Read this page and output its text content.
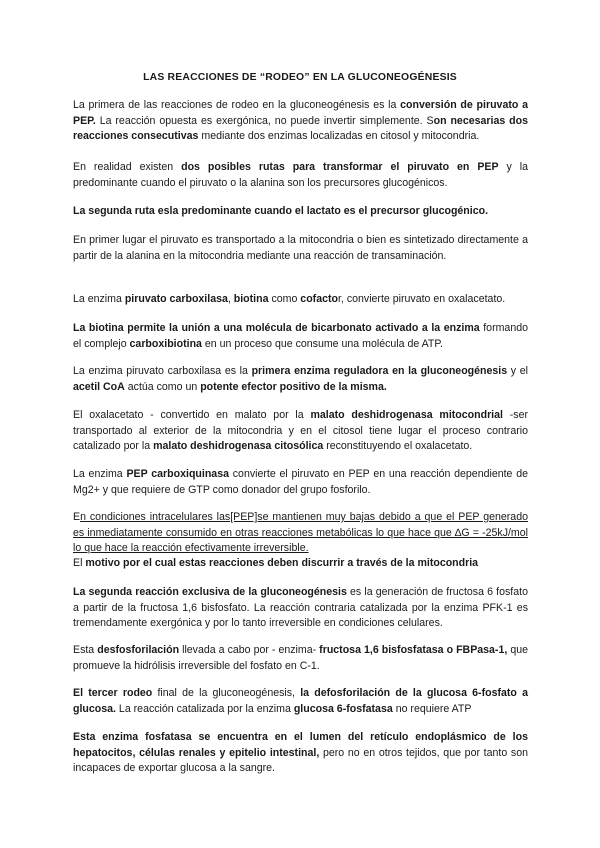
LAS REACCIONES DE “RODEO” EN LA GLUCONEOGÉNESIS

La primera de las reacciones de rodeo en la gluconeogénesis es la conversión de piruvato a PEP. La reacción opuesta es exergónica, no puede invertir simplemente. Son necesarias dos reacciones consecutivas mediante dos enzimas localizadas en citosol y mitocondria.

En realidad existen dos posibles rutas para transformar el piruvato en PEP y la predominante cuando el piruvato o la alanina son los precursores glucogénicos.

La segunda ruta esla predominante cuando el lactato es el precursor glucogénico.

En primer lugar el piruvato es transportado a la mitocondria o bien es sintetizado directamente a partir de la alanina en la mitocondria mediante una reacción de transaminación.

La enzima piruvato carboxilasa, biotina como cofactor, convierte piruvato en oxalacetato.

La biotina permite la unión a una molécula de bicarbonato activado a la enzima formando el complejo carboxibiotina en un proceso que consume una molécula de ATP.

La enzima piruvato carboxilasa es la primera enzima reguladora en la gluconeogénesis y el acetil CoA actúa como un potente efector positivo de la misma.

El oxalacetato - convertido en malato por la malato deshidrogenasa mitocondrial -ser transportado al exterior de la mitocondria y en el citosol tiene lugar el proceso contrario catalizado por la malato deshidrogenasa citosólica reconstituyendo el oxalacetato.

La enzima PEP carboxiquinasa convierte el piruvato en PEP en una reacción dependiente de Mg2+ y que requiere de GTP como donador del grupo fosforilo.

En condiciones intracelulares las[PEP]se mantienen muy bajas debido a que el PEP generado es inmediatamente consumido en otras reacciones metabólicas lo que hace que ∆G = -25kJ/mol lo que hace la reacción efectivamente irreversible.

El motivo por el cual estas reacciones deben discurrir a través de la mitocondria

La segunda reacción exclusiva de la gluconeogénesis es la generación de fructosa 6 fosfato a partir de la fructosa 1,6 bisfosfato. La reacción contraria catalizada por la enzima PFK-1 es tremendamente exergónica y por lo tanto irreversible en condiciones celulares.

Esta desfosforilación llevada a cabo por - enzima- fructosa 1,6 bisfosfatasa o FBPasa-1, que promueve la hidrólisis irreversible del fosfato en C-1.

El tercer rodeo final de la gluconeogénesis, la defosforilación de la glucosa 6-fosfato a glucosa. La reacción catalizada por la enzima glucosa 6-fosfatasa no requiere ATP

Esta enzima fosfatasa se encuentra en el lumen del retículo endoplásmico de los hepatocitos, células renales y epitelio intestinal, pero no en otros tejidos, que por tanto son incapaces de exportar glucosa a la sangre.
